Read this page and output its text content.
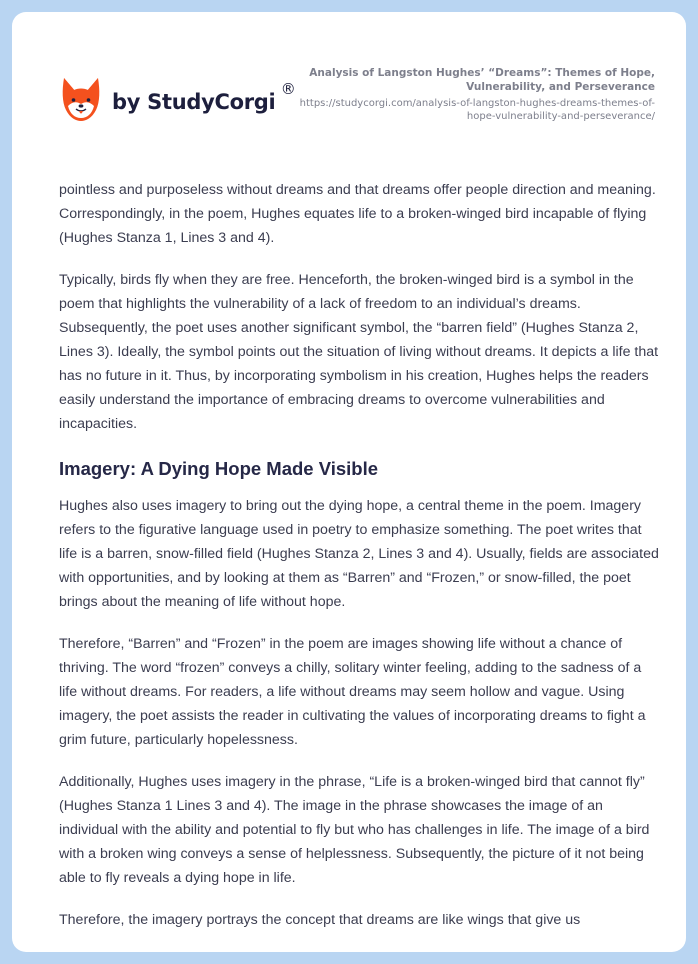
by StudyCorgi
®
Analysis of Langston Hughes’ “Dreams”: Themes of Hope, Vulnerability, and Perseverance
https://studycorgi.com/analysis-of-langston-hughes-dreams-themes-of-hope-vulnerability-and-perseverance/

pointless and purposeless without dreams and that dreams offer people direction and meaning. Correspondingly, in the poem, Hughes equates life to a broken-winged bird incapable of flying (Hughes Stanza 1, Lines 3 and 4).

Typically, birds fly when they are free. Henceforth, the broken-winged bird is a symbol in the poem that highlights the vulnerability of a lack of freedom to an individual’s dreams. Subsequently, the poet uses another significant symbol, the “barren field” (Hughes Stanza 2, Lines 3). Ideally, the symbol points out the situation of living without dreams. It depicts a life that has no future in it. Thus, by incorporating symbolism in his creation, Hughes helps the readers easily understand the importance of embracing dreams to overcome vulnerabilities and incapacities.

Imagery: A Dying Hope Made Visible

Hughes also uses imagery to bring out the dying hope, a central theme in the poem. Imagery refers to the figurative language used in poetry to emphasize something. The poet writes that life is a barren, snow-filled field (Hughes Stanza 2, Lines 3 and 4). Usually, fields are associated with opportunities, and by looking at them as “Barren” and “Frozen,” or snow-filled, the poet brings about the meaning of life without hope.

Therefore, “Barren” and “Frozen” in the poem are images showing life without a chance of thriving. The word “frozen” conveys a chilly, solitary winter feeling, adding to the sadness of a life without dreams. For readers, a life without dreams may seem hollow and vague. Using imagery, the poet assists the reader in cultivating the values of incorporating dreams to fight a grim future, particularly hopelessness.

Additionally, Hughes uses imagery in the phrase, “Life is a broken-winged bird that cannot fly” (Hughes Stanza 1 Lines 3 and 4). The image in the phrase showcases the image of an individual with the ability and potential to fly but who has challenges in life. The image of a bird with a broken wing conveys a sense of helplessness. Subsequently, the picture of it not being able to fly reveals a dying hope in life.

Therefore, the imagery portrays the concept that dreams are like wings that give us
